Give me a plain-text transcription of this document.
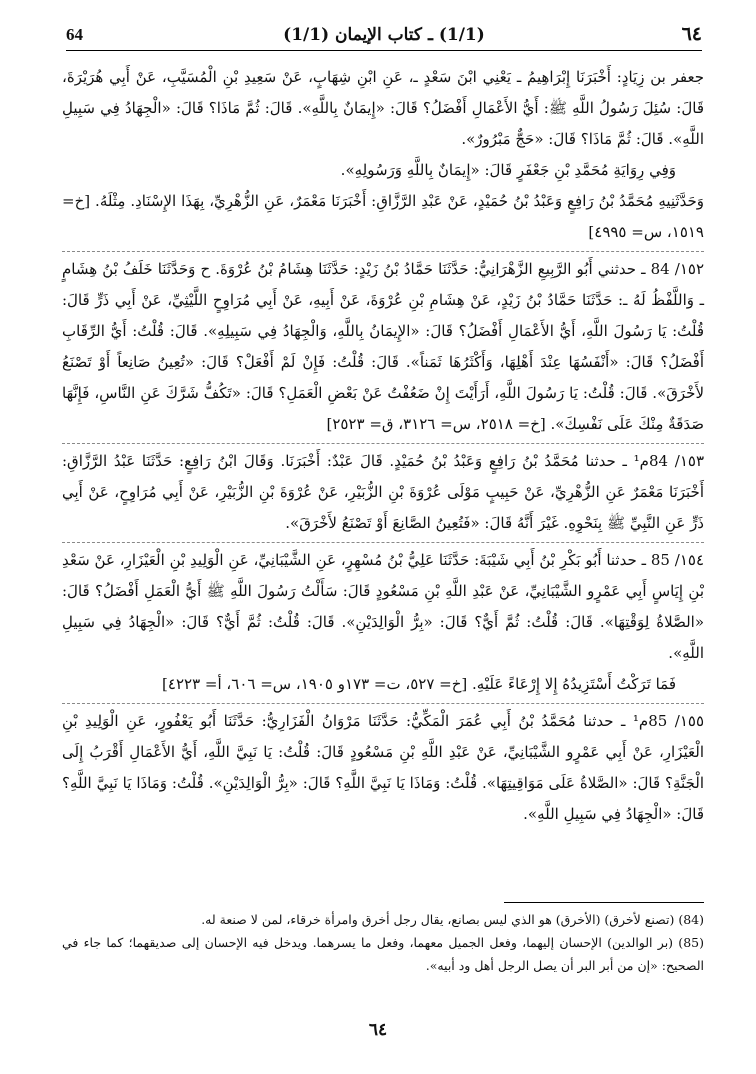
٦٤
(1/1) ـ كتاب الإيمان (1/1)
64

جعفر بن زِيَادٍ: أَخْبَرَنَا إِبْرَاهِيمُ ـ يَعْنِي ابْنَ سَعْدٍ ـ، عَنِ ابْنِ شِهَابٍ، عَنْ سَعِيدِ بْنِ الْمُسَيَّبِ، عَنْ أَبِي هُرَيْرَةَ، قَالَ: سُئِلَ رَسُولُ اللَّهِ ﷺ: أَيُّ الأَعْمَالِ أَفْضَلُ؟ قَالَ: «إِيمَانٌ بِاللَّهِ». قَالَ: ثُمَّ مَاذَا؟ قَالَ: «الْجِهَادُ فِي سَبِيلِ اللَّهِ». قَالَ: ثُمَّ مَاذَا؟ قَالَ: «حَجٌّ مَبْرُورٌ».

وَفِي رِوَايَةِ مُحَمَّدِ بْنِ جَعْفَرٍ قَالَ: «إِيمَانٌ بِاللَّهِ وَرَسُولِهِ».

وَحَدَّثَنِيهِ مُحَمَّدُ بْنُ رَافِعٍ وَعَبْدُ بْنُ حُمَيْدٍ، عَنْ عَبْدِ الرَّزَّاقِ: أَخْبَرَنَا مَعْمَرٌ، عَنِ الزُّهْرِيِّ، بِهَذَا الإِسْنَادِ. مِثْلَهُ. [خ= ١٥١٩، س= ٤٩٩٥]

١٥٢/ 84 ـ حدثني أَبُو الرَّبِيعِ الزَّهْرَانِيُّ: حَدَّثَنَا حَمَّادُ بْنُ زَيْدٍ: حَدَّثَنَا هِشَامُ بْنُ عُرْوَةَ. ح وَحَدَّثَنَا خَلَفُ بْنُ هِشَامٍ ـ وَاللَّفْظُ لَهُ ـ: حَدَّثَنَا حَمَّادُ بْنُ زَيْدٍ، عَنْ هِشَامِ بْنِ عُرْوَةَ، عَنْ أَبِيهِ، عَنْ أَبِي مُرَاوِحٍ اللَّيْثِيِّ، عَنْ أَبِي ذَرٍّ قَالَ: قُلْتُ: يَا رَسُولَ اللَّهِ، أَيُّ الأَعْمَالِ أَفْضَلُ؟ قَالَ: «الإِيمَانُ بِاللَّهِ، وَالْجِهَادُ فِي سَبِيلِهِ». قَالَ: قُلْتُ: أَيُّ الرِّقَابِ أَفْضَلُ؟ قَالَ: «أَنْفَسُهَا عِنْدَ أَهْلِهَا، وَأَكْثَرُهَا ثَمَناً». قَالَ: قُلْتُ: فَإِنْ لَمْ أَفْعَلْ؟ قَالَ: «تُعِينُ صَانِعاً أَوْ تَصْنَعُ لأَخْرَقَ». قَالَ: قُلْتُ: يَا رَسُولَ اللَّهِ، أَرَأَيْتَ إِنْ ضَعُفْتُ عَنْ بَعْضِ الْعَمَلِ؟ قَالَ: «تَكُفُّ شَرَّكَ عَنِ النَّاسِ، فَإِنَّهَا صَدَقَةٌ مِنْكَ عَلَى نَفْسِكَ». [خ= ٢٥١٨، س= ٣١٢٦، ق= ٢٥٢٣]

١٥٣/ 84م¹ ـ حدثنا مُحَمَّدُ بْنُ رَافِعٍ وَعَبْدُ بْنُ حُمَيْدٍ. قَالَ عَبْدٌ: أَخْبَرَنَا. وَقَالَ ابْنُ رَافِعٍ: حَدَّثَنَا عَبْدُ الرَّزَّاقِ: أَخْبَرَنَا مَعْمَرٌ عَنِ الزُّهْرِيِّ، عَنْ حَبِيبٍ مَوْلَى عُرْوَةَ بْنِ الزُّبَيْرِ، عَنْ عُرْوَةَ بْنِ الزُّبَيْرِ، عَنْ أَبِي مُرَاوِحٍ، عَنْ أَبِي ذَرٍّ عَنِ النَّبِيِّ ﷺ بِنَحْوِهِ. غَيْرَ أَنَّهُ قَالَ: «فَتُعِينُ الصَّانِعَ أَوْ تَصْنَعُ لأَخْرَقَ».

١٥٤/ 85 ـ حدثنا أَبُو بَكْرِ بْنُ أَبِي شَيْبَةَ: حَدَّثَنَا عَلِيُّ بْنُ مُسْهِرٍ، عَنِ الشَّيْبَانِيِّ، عَنِ الْوَلِيدِ بْنِ الْعَيْزَارِ، عَنْ سَعْدِ بْنِ إِيَاسٍ أَبِي عَمْرٍو الشَّيْبَانِيِّ، عَنْ عَبْدِ اللَّهِ بْنِ مَسْعُودٍ قَالَ: سَأَلْتُ رَسُولَ اللَّهِ ﷺ أَيُّ الْعَمَلِ أَفْضَلُ؟ قَالَ: «الصَّلاةُ لِوَقْتِهَا». قَالَ: قُلْتُ: ثُمَّ أَيٌّ؟ قَالَ: «بِرُّ الْوَالِدَيْنِ». قَالَ: قُلْتُ: ثُمَّ أَيٌّ؟ قَالَ: «الْجِهَادُ فِي سَبِيلِ اللَّهِ».

فَمَا تَرَكْتُ أَسْتَزِيدُهُ إِلا إِرْعَاءً عَلَيْهِ. [خ= ٥٢٧، ت= ١٧٣و ١٩٠٥، س= ٦٠٦، أ= ٤٢٢٣]

١٥٥/ 85م¹ ـ حدثنا مُحَمَّدُ بْنُ أَبِي عُمَرَ الْمَكِّيُّ: حَدَّثَنَا مَرْوَانُ الْفَزَارِيُّ: حَدَّثَنَا أَبُو يَعْفُورٍ، عَنِ الْوَلِيدِ بْنِ الْعَيْزَارِ، عَنْ أَبِي عَمْرٍو الشَّيْبَانِيِّ، عَنْ عَبْدِ اللَّهِ بْنِ مَسْعُودٍ قَالَ: قُلْتُ: يَا نَبِيَّ اللَّهِ، أَيُّ الأَعْمَالِ أَقْرَبُ إِلَى الْجَنَّةِ؟ قَالَ: «الصَّلاةُ عَلَى مَوَاقِيتِهَا». قُلْتُ: وَمَاذَا يَا نَبِيَّ اللَّهِ؟ قَالَ: «بِرُّ الْوَالِدَيْنِ». قُلْتُ: وَمَاذَا يَا نَبِيَّ اللَّهِ؟ قَالَ: «الْجِهَادُ فِي سَبِيلِ اللَّهِ».

(84) (تصنع لأخرق) (الأخرق) هو الذي ليس بصانع، يقال رجل أخرق وامرأة خرقاء، لمن لا صنعة له.

(85) (بر الوالدين) الإحسان إليهما، وفعل الجميل معهما، وفعل ما يسرهما. ويدخل فيه الإحسان إلى صديقهما؛ كما جاء في الصحيح: «إن من أبر البر أن يصل الرجل أهل ود أبيه».

٦٤
